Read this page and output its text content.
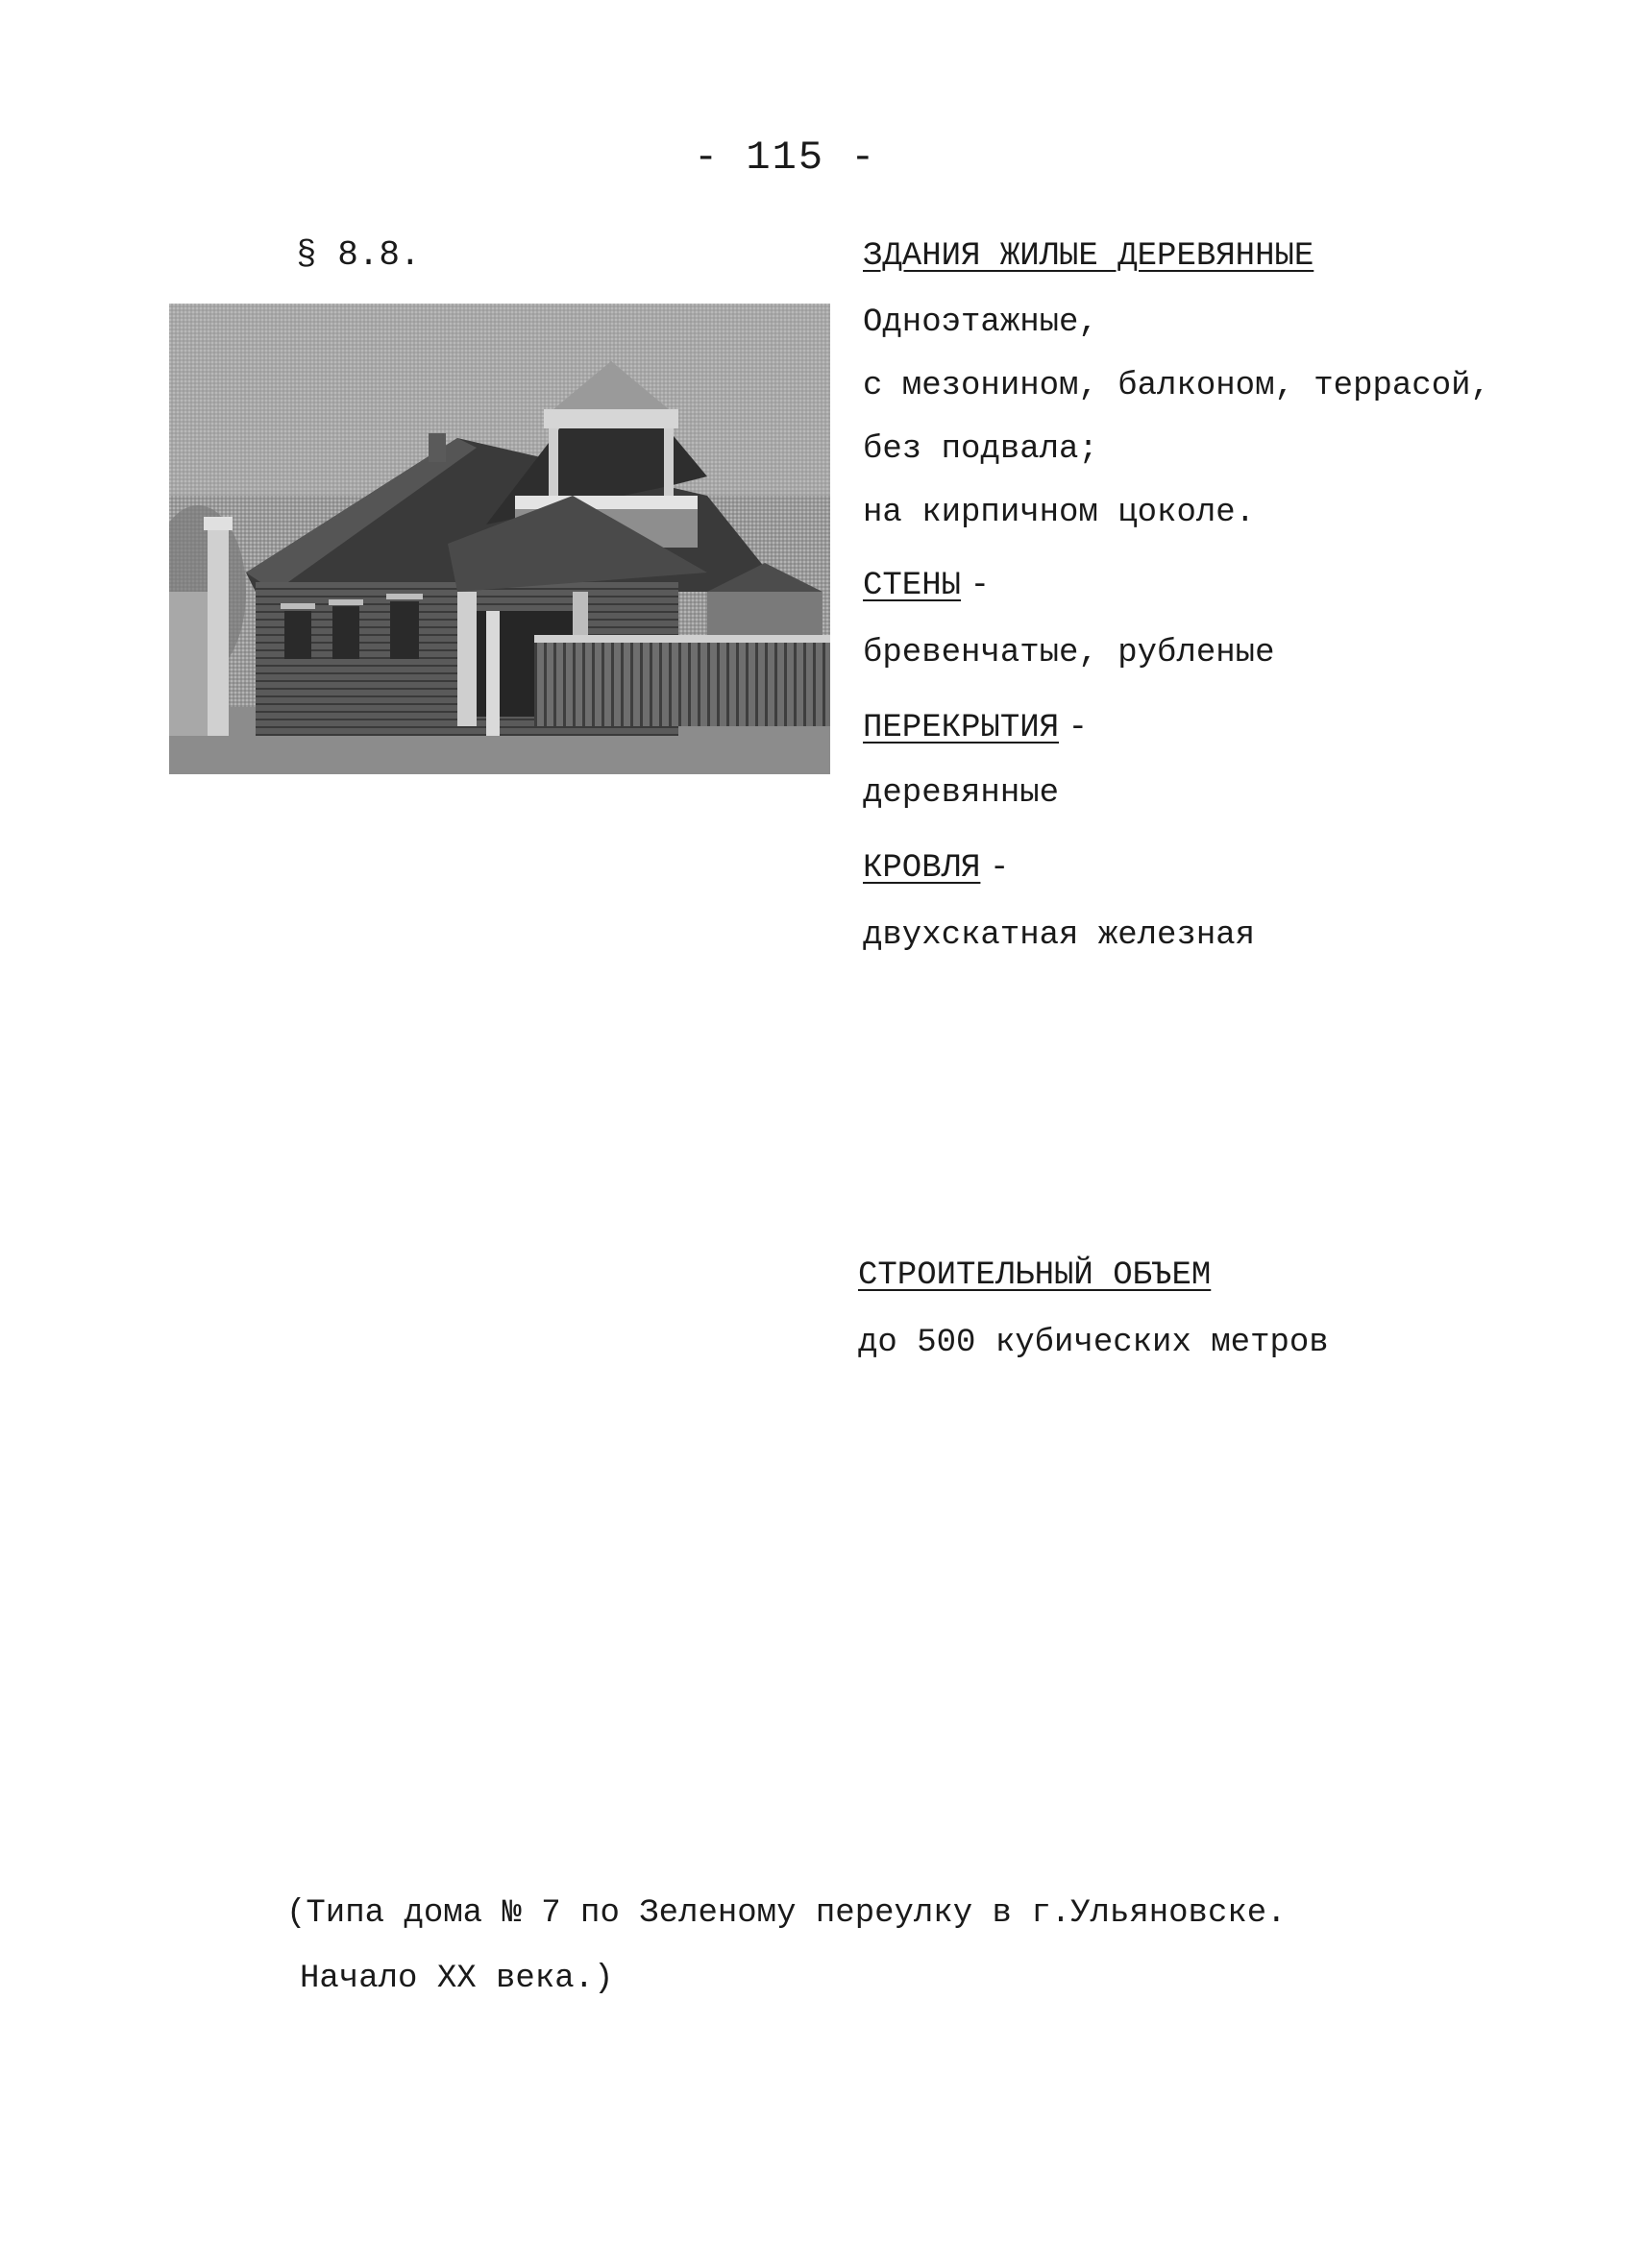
- 115 -
§ 8.8.	ЗДАНИЯ ЖИЛЫЕ ДЕРЕВЯННЫЕ
Одноэтажные,
с мезонином, балконом, террасой,
без подвала;
на кирпичном цоколе.
СТЕНЫ -
бревенчатые, рубленые
ПЕРЕКРЫТИЯ -
деревянные
КРОВЛЯ -
двухскатная железная
СТРОИТЕЛЬНЫЙ ОБЪЕМ
до 500 кубических метров
(Типа дома № 7 по Зеленому переулку в г.Ульяновске.
Начало XX века.)
